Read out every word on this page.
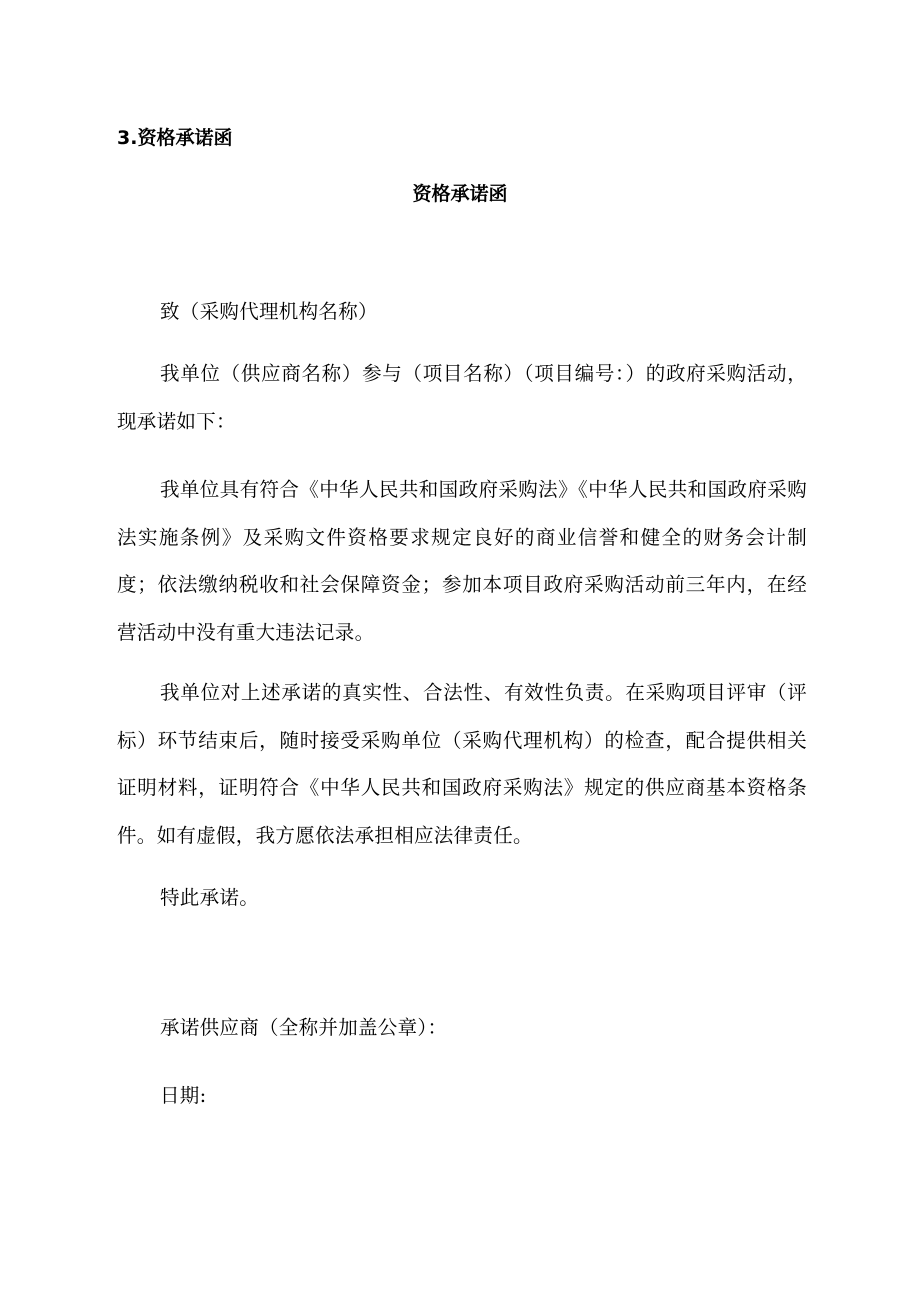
3.资格承诺函
资格承诺函

致（采购代理机构名称）

我单位（供应商名称）参与（项目名称）（项目编号：）的政府采购活动，现承诺如下：

我单位具有符合《中华人民共和国政府采购法》《中华人民共和国政府采购法实施条例》及采购文件资格要求规定良好的商业信誉和健全的财务会计制度；依法缴纳税收和社会保障资金；参加本项目政府采购活动前三年内，在经营活动中没有重大违法记录。

我单位对上述承诺的真实性、合法性、有效性负责。在采购项目评审（评标）环节结束后，随时接受采购单位（采购代理机构）的检查，配合提供相关证明材料，证明符合《中华人民共和国政府采购法》规定的供应商基本资格条件。如有虚假，我方愿依法承担相应法律责任。

特此承诺。

承诺供应商（全称并加盖公章）：

日期:
